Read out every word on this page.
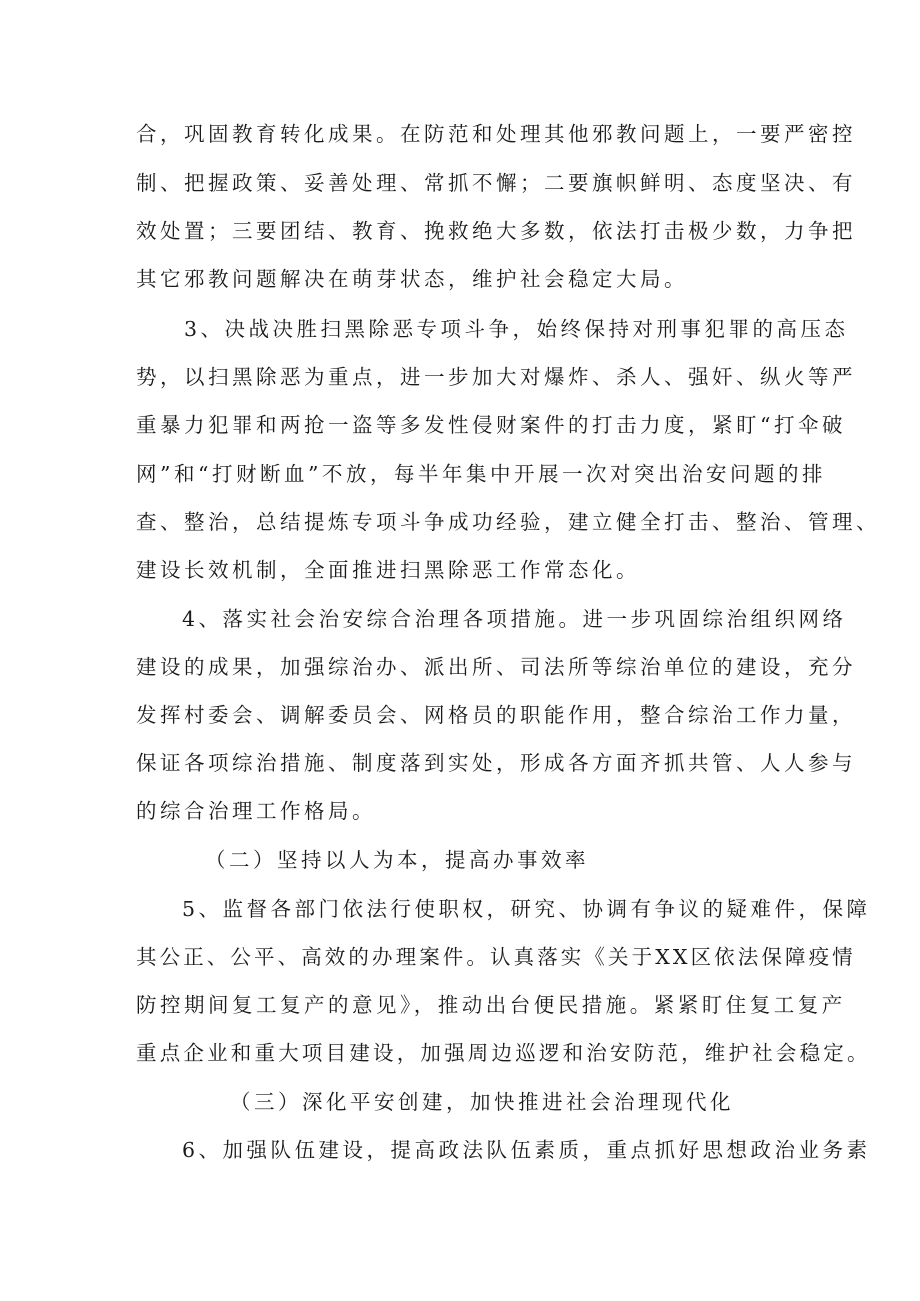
合，巩固教育转化成果。在防范和处理其他邪教问题上，一要严密控
制、把握政策、妥善处理、常抓不懈；二要旗帜鲜明、态度坚决、有
效处置；三要团结、教育、挽救绝大多数，依法打击极少数，力争把
其它邪教问题解决在萌芽状态，维护社会稳定大局。
3、决战决胜扫黑除恶专项斗争，始终保持对刑事犯罪的高压态
势，以扫黑除恶为重点，进一步加大对爆炸、杀人、强奸、纵火等严
重暴力犯罪和两抢一盗等多发性侵财案件的打击力度，紧盯“打伞破
网”和“打财断血”不放，每半年集中开展一次对突出治安问题的排
查、整治，总结提炼专项斗争成功经验，建立健全打击、整治、管理、
建设长效机制，全面推进扫黑除恶工作常态化。
4、落实社会治安综合治理各项措施。进一步巩固综治组织网络
建设的成果，加强综治办、派出所、司法所等综治单位的建设，充分
发挥村委会、调解委员会、网格员的职能作用，整合综治工作力量，
保证各项综治措施、制度落到实处，形成各方面齐抓共管、人人参与
的综合治理工作格局。
（二）坚持以人为本，提高办事效率
5、监督各部门依法行使职权，研究、协调有争议的疑难件，保障
其公正、公平、高效的办理案件。认真落实《关于XX区依法保障疫情
防控期间复工复产的意见》，推动出台便民措施。紧紧盯住复工复产
重点企业和重大项目建设，加强周边巡逻和治安防范，维护社会稳定。
（三）深化平安创建，加快推进社会治理现代化
6、加强队伍建设，提高政法队伍素质，重点抓好思想政治业务素
